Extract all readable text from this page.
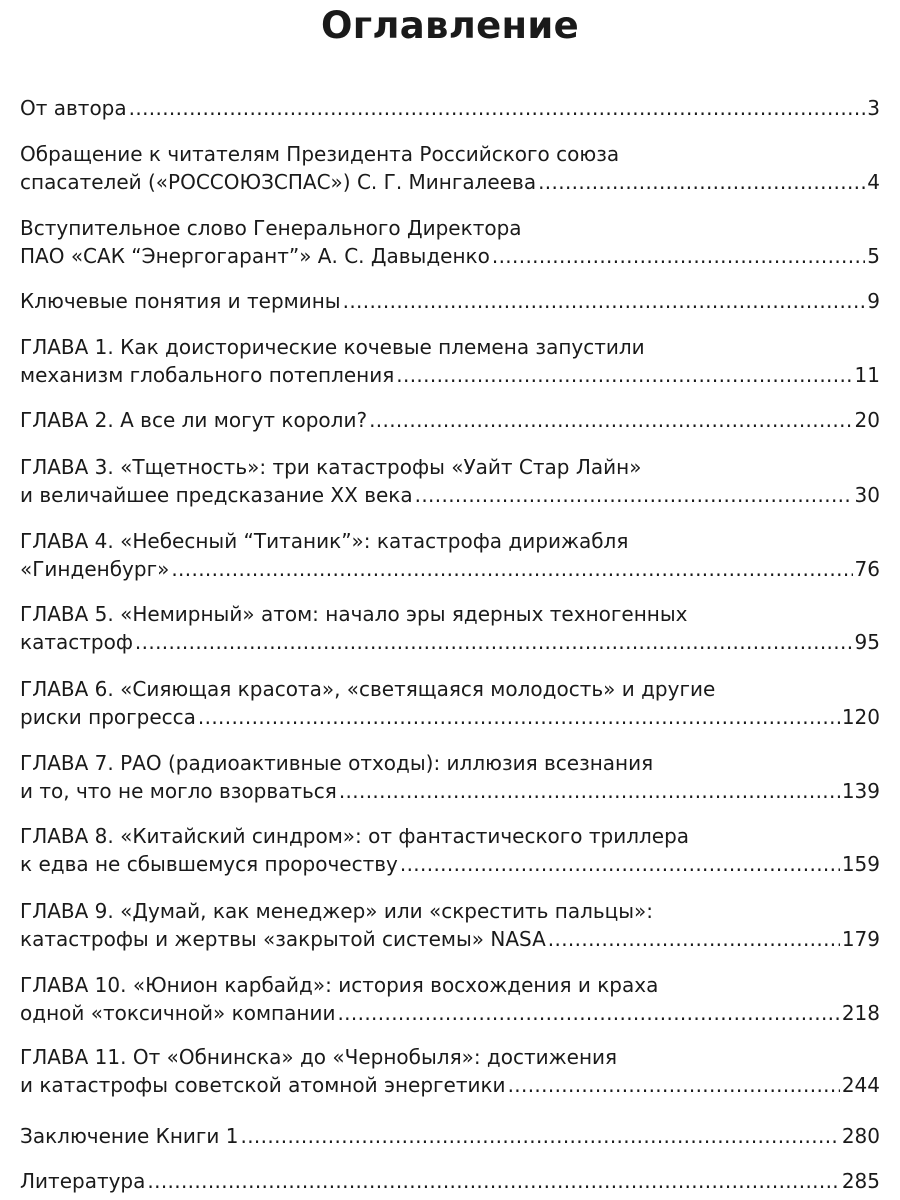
Оглавление
От автора . . .	3
Обращение к читателям Президента Российского союза
спасателей («РОССОЮЗСПАС») С. Г. Мингалеева . . .	4
Вступительное слово Генерального Директора
ПАО «САК “Энергогарант”» А. С. Давыденко . . .	5
Ключевые понятия и термины . . .	9
ГЛАВА 1. Как доисторические кочевые племена запустили
механизм глобального потепления . . .	11
ГЛАВА 2. А все ли могут короли? . . .	20
ГЛАВА 3. «Тщетность»: три катастрофы «Уайт Стар Лайн»
и величайшее предсказание XX века . . .	30
ГЛАВА 4. «Небесный “Титаник”»: катастрофа дирижабля
«Гинденбург» . . .	76
ГЛАВА 5. «Немирный» атом: начало эры ядерных техногенных
катастроф . . .	95
ГЛАВА 6. «Сияющая красота», «светящаяся молодость» и другие
риски прогресса . . .	120
ГЛАВА 7. РАО (радиоактивные отходы): иллюзия всезнания
и то, что не могло взорваться . . .	139
ГЛАВА 8. «Китайский синдром»: от фантастического триллера
к едва не сбывшемуся пророчеству . . .	159
ГЛАВА 9. «Думай, как менеджер» или «скрестить пальцы»:
катастрофы и жертвы «закрытой системы» NASA . . .	179
ГЛАВА 10. «Юнион карбайд»: история восхождения и краха
одной «токсичной» компании . . .	218
ГЛАВА 11. От «Обнинска» до «Чернобыля»: достижения
и катастрофы советской атомной энергетики . . .	244
Заключение Книги 1 . . .	280
Литература . . .	285
